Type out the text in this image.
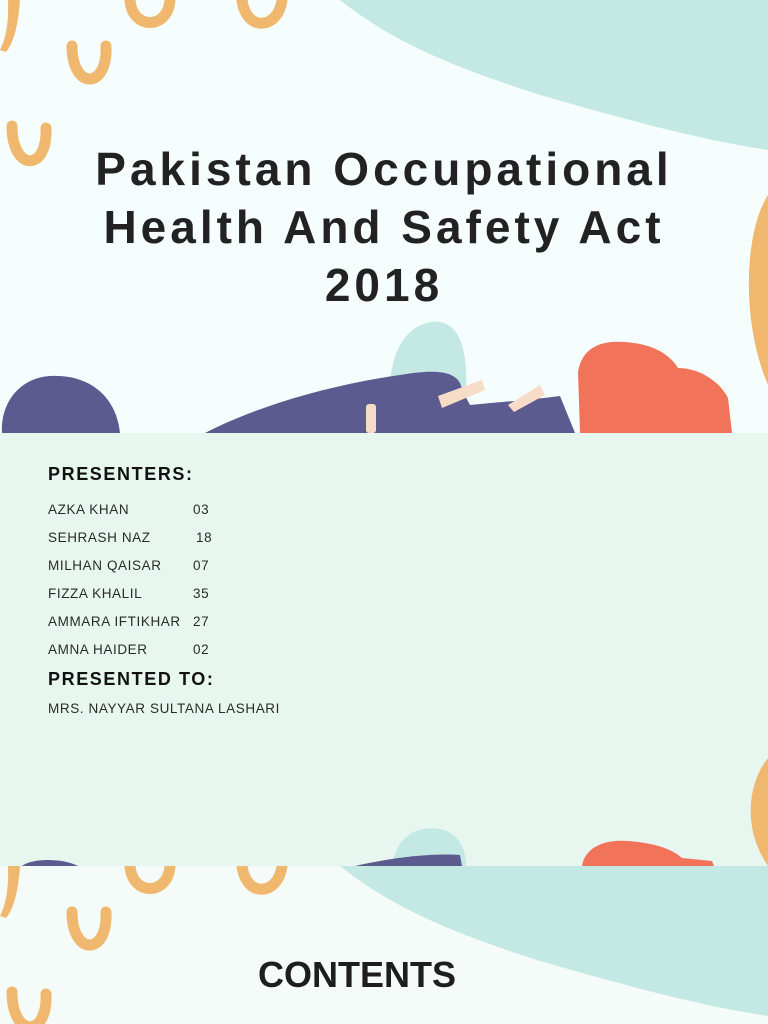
Pakistan Occupational
Health And Safety Act
2018
PRESENTERS:
AZKA KHAN	03
SEHRASH NAZ	18
MILHAN QAISAR 07
FIZZA KHALIL	35
AMMARA IFTIKHAR 27
AMNA HAIDER	02
PRESENTED TO:

MRS. NAYYAR SULTANA LASHARI

CONTENTS
